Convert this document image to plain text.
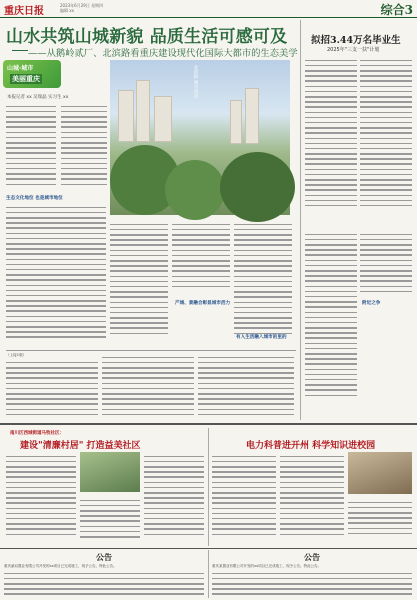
重庆日报
2023年6月29日 星期四
编辑 xx	综合3
山水共筑山城新貌 品质生活可感可及
——从鹅岭贰厂、北滨路看重庆建设现代化国际大都市的生态美学
山城·城市
美丽重庆
本报记者 xx 吴瑞晶 实习生 xx	北滨路 城市风景
生态文化地位 也是城市地位
产城、景融合彰显城市活力
有人生活融入城市的里的
（上接1版）
拟招3.44万名毕业生
2025年"三支一扶"计划
附近之争
南川区西城街道马牧社区：
建设"清廉村居" 打造益美社区	电力科普进开州 科学知识进校园
公告
重庆渝双置业有限公司开发的xx项目已完成竣工，现予公告。特此公告。
公告
重庆某置业有限公司开发的xx项目已完成竣工，现予公告。特此公告。
